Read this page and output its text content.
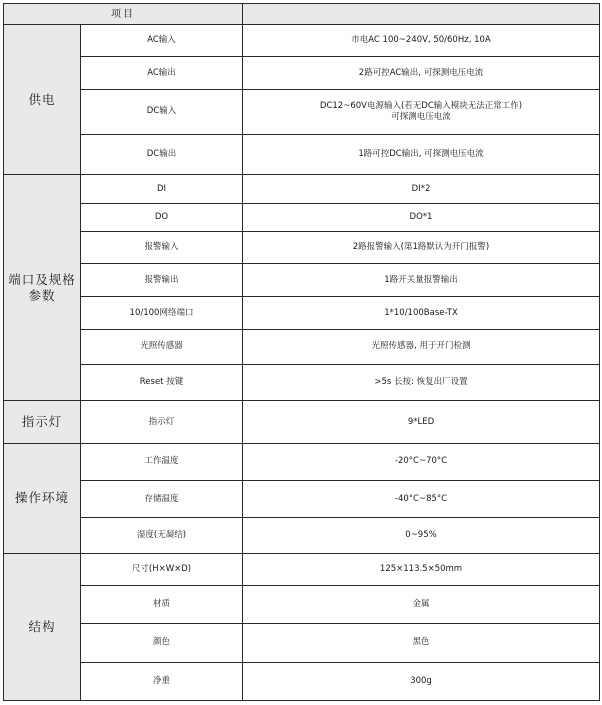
项目		
供电	AC输入	市电AC 100~240V, 50/60Hz, 10A
	AC输出	2路可控AC输出, 可探测电压电流
	DC输入	DC12~60V电源输入(若无DC输入模块无法正常工作)
可探测电压电流

	DC输出	1路可控DC输出, 可探测电压电流

端口及规格
参数	DI	DI*2
	DO	DO*1
	报警输入	2路报警输入(第1路默认为开门报警)
	报警输出	1路开关量报警输出
	10/100网络端口	1*10/100Base-TX
	光照传感器	光照传感器, 用于开门检测
	Reset 按键	>5s 长按: 恢复出厂设置
指示灯	指示灯	9*LED
操作环境	工作温度	-20°C~70°C
	存储温度	-40°C~85°C
	湿度(无凝结)	0~95%
结构	尺寸(H×W×D)	125×113.5×50mm
	材质	金属
	颜色	黑色
	净重	300g
